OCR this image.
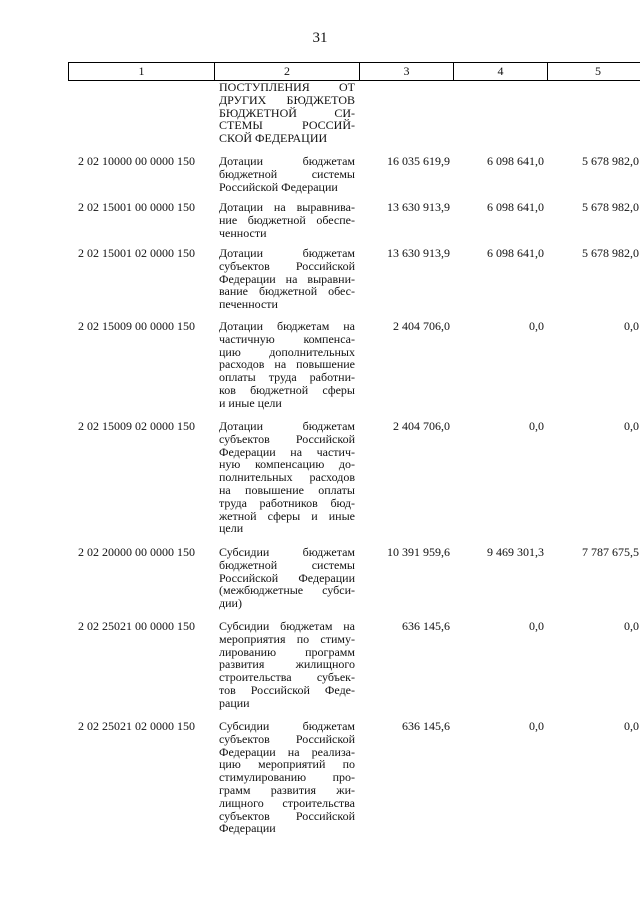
31
1	2	3	4	5
ПОСТУПЛЕНИЯ ОТ
ДРУГИХ БЮДЖЕТОВ
БЮДЖЕТНОЙ СИ-
СТЕМЫ РОССИЙ-
СКОЙ ФЕДЕРАЦИИ
2 02 10000 00 0000 150	Дотации бюджетам
бюджетной системы
Российской Федерации
16 035 619,9	6 098 641,0	5 678 982,0
2 02 15001 00 0000 150	Дотации на выравнива-
ние бюджетной обеспе-
ченности
13 630 913,9	6 098 641,0	5 678 982,0
2 02 15001 02 0000 150	Дотации бюджетам
субъектов Российской
Федерации на выравни-
вание бюджетной обес-
печенности
13 630 913,9	6 098 641,0	5 678 982,0
2 02 15009 00 0000 150	Дотации бюджетам на
частичную компенса-
цию дополнительных
расходов на повышение
оплаты труда работни-
ков бюджетной сферы
и иные цели
2 404 706,0	0,0	0,0
2 02 15009 02 0000 150	Дотации бюджетам
субъектов Российской
Федерации на частич-
ную компенсацию до-
полнительных расходов
на повышение оплаты
труда работников бюд-
жетной сферы и иные
цели
2 404 706,0	0,0	0,0
2 02 20000 00 0000 150	Субсидии бюджетам
бюджетной системы
Российской Федерации
(межбюджетные субси-
дии)
10 391 959,6	9 469 301,3	7 787 675,5
2 02 25021 00 0000 150	Субсидии бюджетам на
мероприятия по стиму-
лированию программ
развития жилищного
строительства субъек-
тов Российской Феде-
рации
636 145,6	0,0	0,0
2 02 25021 02 0000 150	Субсидии бюджетам
субъектов Российской
Федерации на реализа-
цию мероприятий по
стимулированию про-
грамм развития жи-
лищного строительства
субъектов Российской
Федерации
636 145,6	0,0	0,0
